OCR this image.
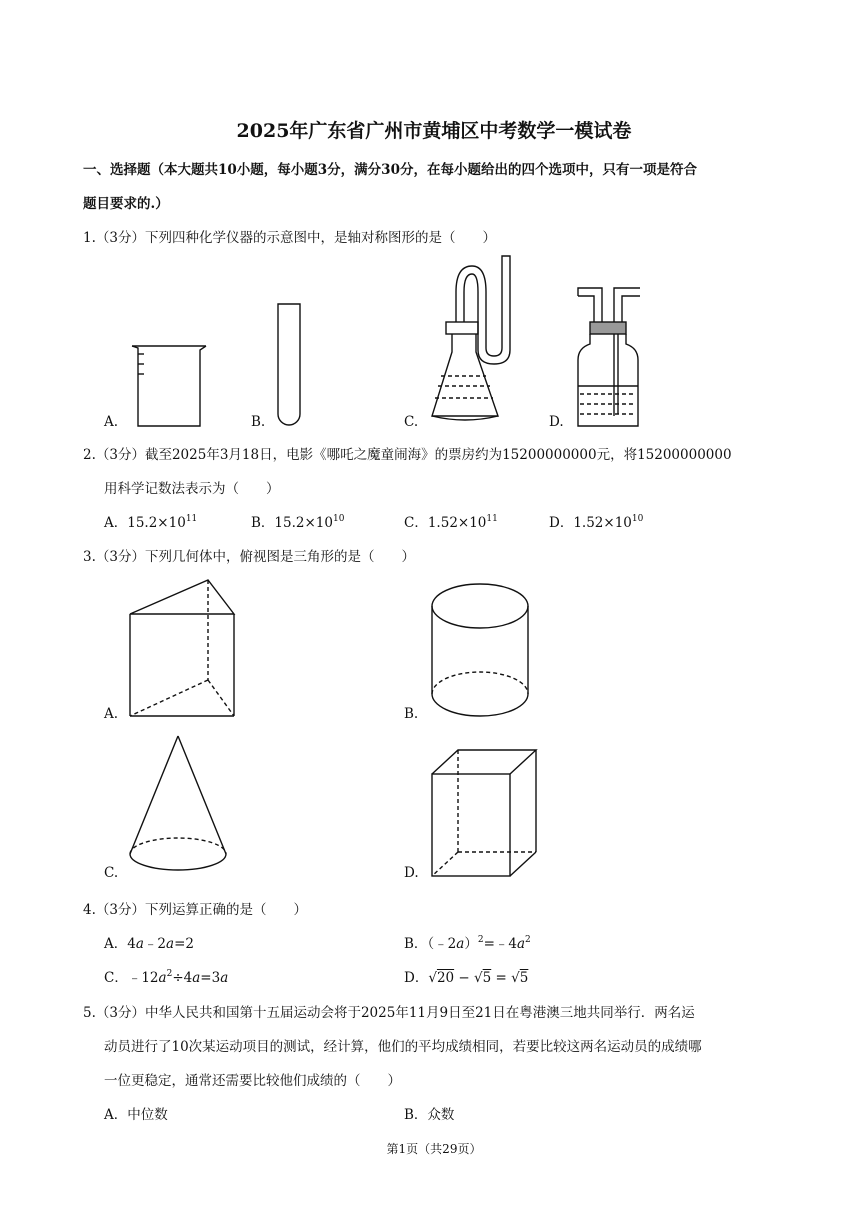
2025年广东省广州市黄埔区中考数学一模试卷
一、选择题（本大题共10小题，每小题3分，满分30分，在每小题给出的四个选项中，只有一项是符合
题目要求的.）
1.（3分）下列四种化学仪器的示意图中，是轴对称图形的是（　　）
A.	B.	C.	D.
2.（3分）截至2025年3月18日，电影《哪吒之魔童闹海》的票房约为15200000000元，将15200000000
用科学记数法表示为（　　）
A．$15.2\times 10^{11}$	B．$15.2\times 10^{10}$	C．$1.52\times 10^{11}$	D．$1.52\times 10^{10}$
3.（3分）下列几何体中，俯视图是三角形的是（　　）
A.	B.
C.	D.
4.（3分）下列运算正确的是（　　）
A．4a﹣2a=2	B．$(﹣2a)^2=﹣4a^2$
C．$﹣12a^2\div 4a=3a$	D．√20 − √5 = √5
5.（3分）中华人民共和国第十五届运动会将于2025年11月9日至21日在粤港澳三地共同举行．两名运
动员进行了10次某运动项目的测试，经计算，他们的平均成绩相同，若要比较这两名运动员的成绩哪
一位更稳定，通常还需要比较他们成绩的（　　）
A．中位数	B．众数
第1页（共29页）
